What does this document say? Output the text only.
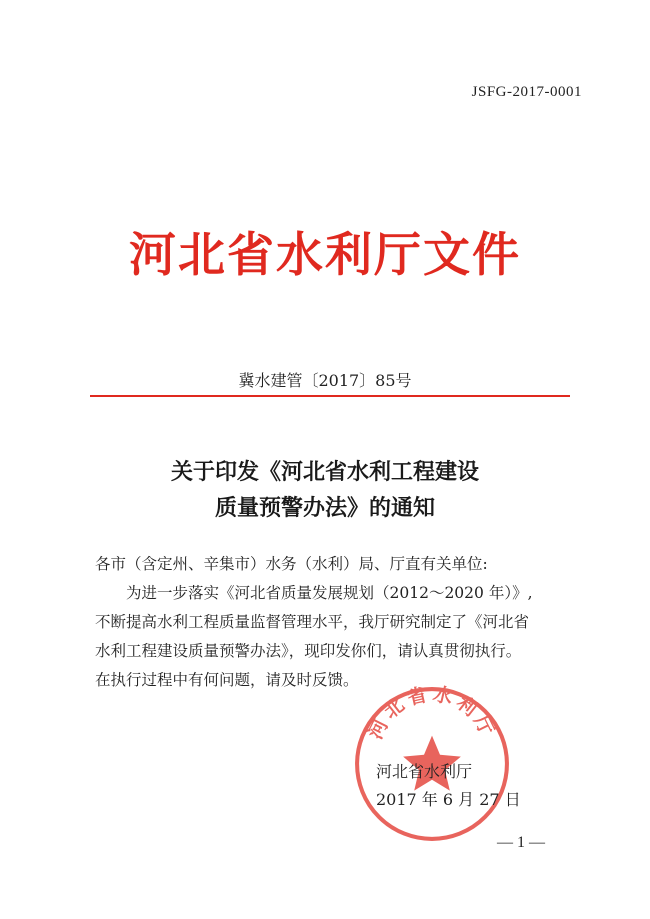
JSFG-2017-0001
河北省水利厅文件
冀水建管〔2017〕85号
关于印发《河北省水利工程建设
质量预警办法》的通知

各市（含定州、辛集市）水务（水利）局、厅直有关单位:

为进一步落实《河北省质量发展规划（2012～2020 年）》,

不断提高水利工程质量监督管理水平，我厅研究制定了《河北省

水利工程建设质量预警办法》，现印发你们，请认真贯彻执行。

在执行过程中有何问题，请及时反馈。

河北省水利厅
河北省水利厅
2017 年 6 月 27 日
— 1 —
